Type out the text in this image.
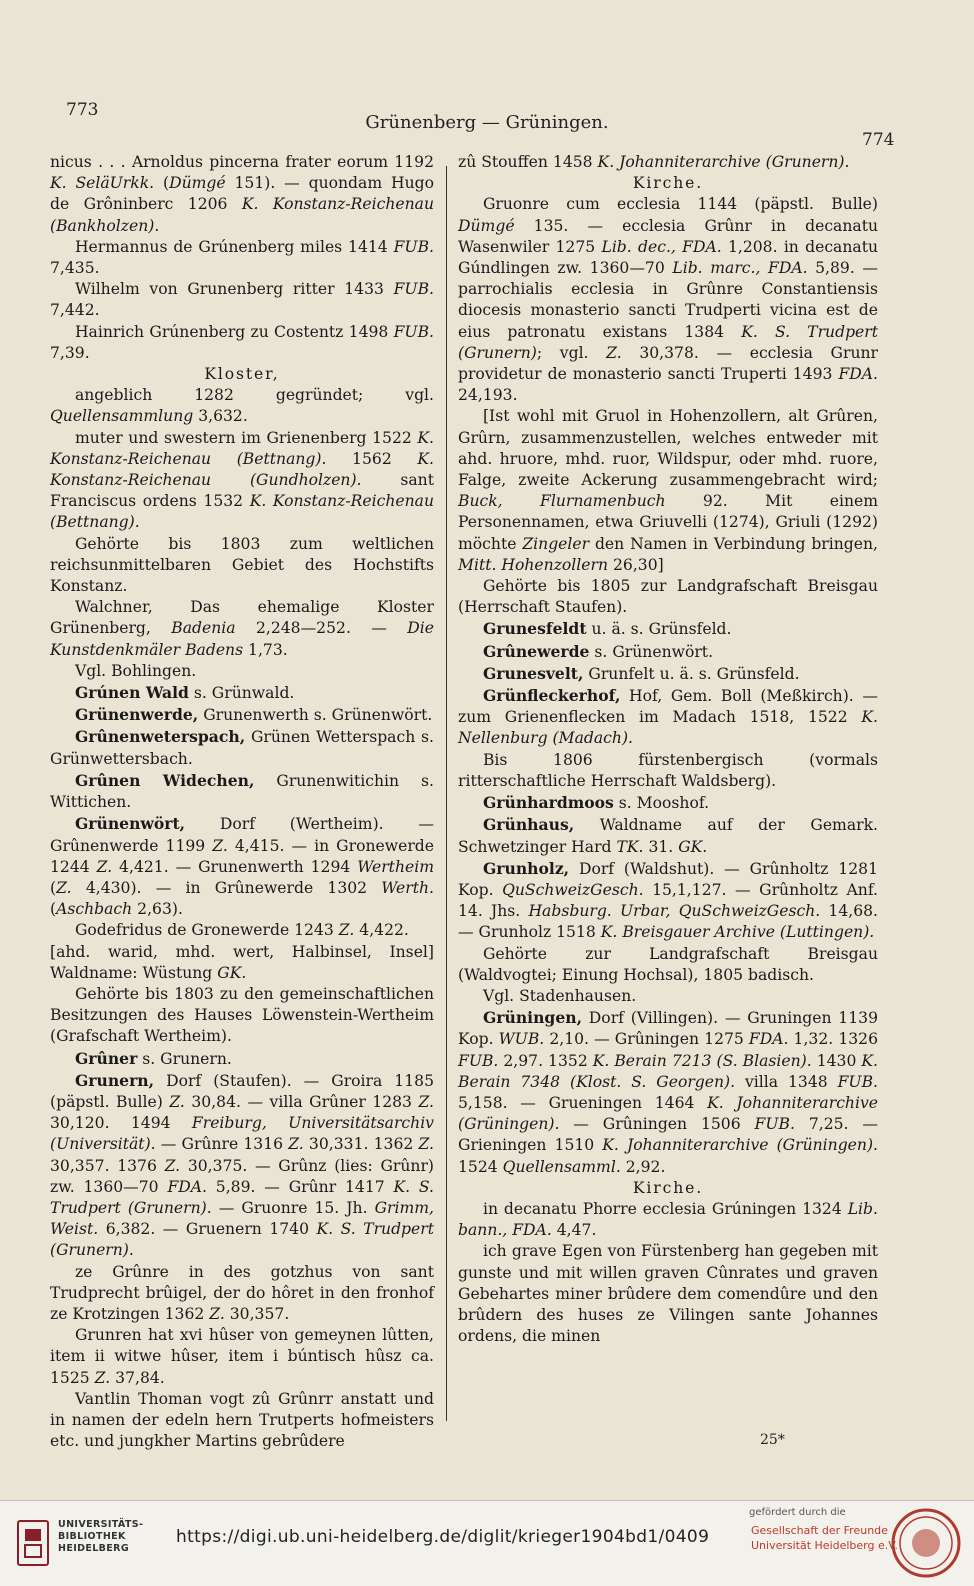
773
Grünenberg — Grüningen.
774

nicus . . . Arnoldus pincerna frater eorum 1192 K. SeläUrkk. (Dümgé 151). — quondam Hugo de Grôninberc 1206 K. Konstanz-Reichenau (Bankholzen).

Hermannus de Grúnenberg miles 1414 FUB. 7,435.

Wilhelm von Grunenberg ritter 1433 FUB. 7,442.

Hainrich Grúnenberg zu Costentz 1498 FUB. 7,39.

Kloster,

angeblich 1282 gegründet; vgl. Quellensammlung 3,632.

muter und swestern im Grienenberg 1522 K. Konstanz-Reichenau (Bettnang). 1562 K. Konstanz-Reichenau (Gundholzen). sant Franciscus ordens 1532 K. Konstanz-Reichenau (Bettnang).

Gehörte bis 1803 zum weltlichen reichsunmittelbaren Gebiet des Hochstifts Konstanz.

Walchner, Das ehemalige Kloster Grünenberg, Badenia 2,248—252. — Die Kunstdenkmäler Badens 1,73.

Vgl. Bohlingen.

Grúnen Wald s. Grünwald.

Grünenwerde, Grunenwerth s. Grünenwört.

Grûnenweterspach, Grünen Wetterspach s. Grünwettersbach.

Grûnen Widechen, Grunenwitichin s. Wittichen.

Grünenwört, Dorf (Wertheim). — Grûnenwerde 1199 Z. 4,415. — in Gronewerde 1244 Z. 4,421. — Grunenwerth 1294 Wertheim (Z. 4,430). — in Grûnewerde 1302 Werth. (Aschbach 2,63).

Godefridus de Gronewerde 1243 Z. 4,422.

[ahd. warid, mhd. wert, Halbinsel, Insel] Waldname: Wüstung GK.

Gehörte bis 1803 zu den gemeinschaftlichen Besitzungen des Hauses Löwenstein-Wertheim (Grafschaft Wertheim).

Grûner s. Grunern.

Grunern, Dorf (Staufen). — Groira 1185 (päpstl. Bulle) Z. 30,84. — villa Grûner 1283 Z. 30,120. 1494 Freiburg, Universitätsarchiv (Universität). — Grûnre 1316 Z. 30,331. 1362 Z. 30,357. 1376 Z. 30,375. — Grûnz (lies: Grûnr) zw. 1360—70 FDA. 5,89. — Grûnr 1417 K. S. Trudpert (Grunern). — Gruonre 15. Jh. Grimm, Weist. 6,382. — Gruenern 1740 K. S. Trudpert (Grunern).

ze Grûnre in des gotzhus von sant Trudprecht brûigel, der do hôret in den fronhof ze Krotzingen 1362 Z. 30,357.

Grunren hat xvi hûser von gemeynen lûtten, item ii witwe hûser, item i búntisch hûsz ca. 1525 Z. 37,84.

Vantlin Thoman vogt zû Grûnrr anstatt und in namen der edeln hern Trutperts hofmeisters etc. und jungkher Martins gebrûdere

zû Stouffen 1458 K. Johanniterarchive (Grunern).

Kirche.

Gruonre cum ecclesia 1144 (päpstl. Bulle) Dümgé 135. — ecclesia Grûnr in decanatu Wasenwiler 1275 Lib. dec., FDA. 1,208. in decanatu Gúndlingen zw. 1360—70 Lib. marc., FDA. 5,89. — parrochialis ecclesia in Grûnre Constantiensis diocesis monasterio sancti Trudperti vicina est de eius patronatu existans 1384 K. S. Trudpert (Grunern); vgl. Z. 30,378. — ecclesia Grunr providetur de monasterio sancti Truperti 1493 FDA. 24,193.

[Ist wohl mit Gruol in Hohenzollern, alt Grûren, Grûrn, zusammenzustellen, welches entweder mit ahd. hruore, mhd. ruor, Wildspur, oder mhd. ruore, Falge, zweite Ackerung zusammengebracht wird; Buck, Flurnamenbuch 92. Mit einem Personennamen, etwa Griuvelli (1274), Griuli (1292) möchte Zingeler den Namen in Verbindung bringen, Mitt. Hohenzollern 26,30]

Gehörte bis 1805 zur Landgrafschaft Breisgau (Herrschaft Staufen).

Grunesfeldt u. ä. s. Grünsfeld.

Grûnewerde s. Grünenwört.

Grunesvelt, Grunfelt u. ä. s. Grünsfeld.

Grünfleckerhof, Hof, Gem. Boll (Meßkirch). — zum Grienenflecken im Madach 1518, 1522 K. Nellenburg (Madach).

Bis 1806 fürstenbergisch (vormals ritterschaftliche Herrschaft Waldsberg).

Grünhardmoos s. Mooshof.

Grünhaus, Waldname auf der Gemark. Schwetzinger Hard TK. 31. GK.

Grunholz, Dorf (Waldshut). — Grûnholtz 1281 Kop. QuSchweizGesch. 15,1,127. — Grûnholtz Anf. 14. Jhs. Habsburg. Urbar, QuSchweizGesch. 14,68. — Grunholz 1518 K. Breisgauer Archive (Luttingen).

Gehörte zur Landgrafschaft Breisgau (Waldvogtei; Einung Hochsal), 1805 badisch.

Vgl. Stadenhausen.

Grüningen, Dorf (Villingen). — Gruningen 1139 Kop. WUB. 2,10. — Grûningen 1275 FDA. 1,32. 1326 FUB. 2,97. 1352 K. Berain 7213 (S. Blasien). 1430 K. Berain 7348 (Klost. S. Georgen). villa 1348 FUB. 5,158. — Grueningen 1464 K. Johanniterarchive (Grüningen). — Grûningen 1506 FUB. 7,25. — Grieningen 1510 K. Johanniterarchive (Grüningen). 1524 Quellensamml. 2,92.

Kirche.

in decanatu Phorre ecclesia Grúningen 1324 Lib. bann., FDA. 4,47.

ich grave Egen von Fürstenberg han gegeben mit gunste und mit willen graven Cûnrates und graven Gebehartes miner brûdere dem comendûre und den brûdern des huses ze Vilingen sante Johannes ordens, die minen

25*
UNIVERSITÄTS-
BIBLIOTHEK
HEIDELBERG
https://digi.ub.uni-heidelberg.de/diglit/krieger1904bd1/0409
gefördert durch die
Gesellschaft der Freunde
Universität Heidelberg e.V.
